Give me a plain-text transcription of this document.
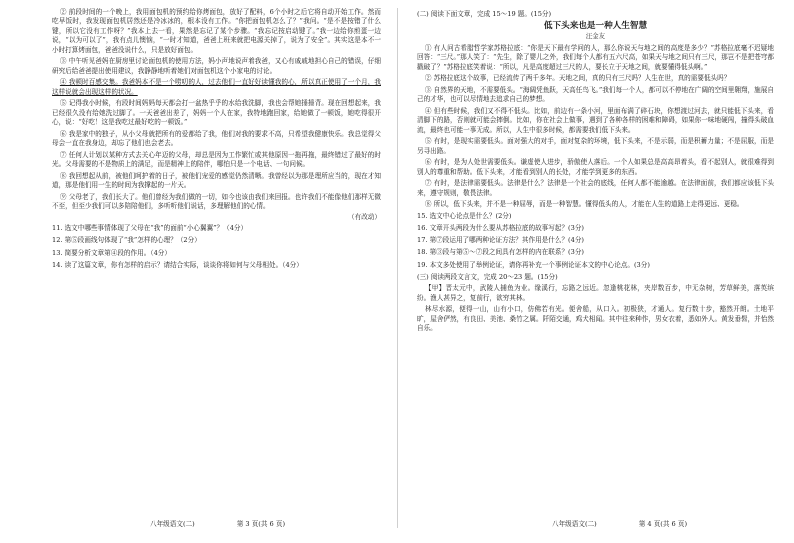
② 前段时间的一个晚上，我用面包机的预约给你烤面包，放好了配料，6个小时之后它将自动开始工作。然而吃早饭时，我发现面包机居然还是冷冰冰的，根本没有工作。“你把面包机怎么了？”我问。“是不是按错了什么键，所以它没有工作呀？”我本上去一看，果然是忘记了某个步骤。“我忘记按启动键了。”我一边给你煎蛋一边说，“以为可以了”，我有点儿懊恼，“一时才知道，爸爸上班来就把电源关掉了，说为了安全”。其实这是本不一小时打算烤面包，爸爸没说什么，只是放好面包。

③ 中午听见爸妈在厨房里讨论面包机的使用方法，妈小声地说声着我爸，又心有戚戚地担心自己的错误，仔细研究后给爸爸提出使用建议，我静静地听着她们对面包机这个小家电的讨论。

④ 我顿时百感交集。我爸妈本不是一个唠叨的人，过去他们一直好好读懂我的心，所以真正使用了一个月，我这样说就会出现这样的状况。

⑤ 记得我小时候，有段时间妈妈每天都会打一盆热乎乎的水给我洗脚，我也会帮她捶捶背。现在回想起来，我已经很久没有给她洗过脚了。一天爸爸出差了，妈妈一个人在家，我特地跑回家，给她做了一顿饭，她吃得很开心，说：“好吃！这是我吃过最好吃的一顿饭。”

⑥ 我是家中的独子，从小父母就把所有的爱都给了我，他们对我的要求不高，只希望我健康快乐。我总觉得父母会一直在我身边，却忘了他们也会老去。

⑦ 任何人计划以某种方式去关心年迈的父母，却总是因为工作繁忙或其他原因一拖再拖，最终错过了最好的时光。父母需要的不是物质上的满足，而是精神上的陪伴，哪怕只是一个电话、一句问候。

⑧ 我回想起从前，被他们呵护着的日子，被他们宠爱的感觉仍然清晰。我曾经以为那是理所应当的，现在才知道，那是他们用一生的时间为我撑起的一片天。

⑨ 父母老了，我们长大了。他们曾经为我们做的一切，如今也该由我们来回报。也许我们不能像他们那样无微不至，但至少我们可以多陪陪他们，多听听他们说话，多理解他们的心情。

（有改动）

11. 选文中哪些事情体现了父母在“我”的面前“小心翼翼”？（4分）

12. 第⑤段画线句体现了“我”怎样的心理？（2分）

13. 简要分析文章第④段的作用。（4分）

14. 读了这篇文章，你有怎样的启示？请结合实际，谈谈你将如何与父母相处。（4分）

八年级语文(二)	第 3 页(共 6 页)

(二) 阅读下面文章，完成 15～19 题。(15分)

低下头来也是一种人生智慧

汪金友

① 有人问古希腊哲学家苏格拉底：“你是天下最有学问的人，那么你说天与地之间的高度是多少？”苏格拉底毫不迟疑地回答：“三尺。”那人笑了：“先生，除了婴儿之外，我们每个人都有五六尺高，如果天与地之间只有三尺，那岂不是把苍穹都戳破了？”苏格拉底笑着说：“所以，凡是高度超过三尺的人，要长立于天地之间，就要懂得低头啊。”

② 苏格拉底这个故事，已经流传了两千多年。天地之间，真的只有三尺吗？人生在世，真的需要低头吗？

③ 自然界的天地，不需要低头。“海阔凭鱼跃，天高任鸟飞。”我们每一个人，都可以不停地在广阔的空间里翱翔，施展自己的才华，也可以尽情地去追求自己的梦想。

④ 但有些时候，我们又不得不低头。比如，前边有一条小河，里面布满了碎石块，你想渡过河去，就只能低下头来，看清脚下的路，否则就可能会摔倒。比如，你在社会上做事，遇到了各种各样的困难和障碍，如果你一味地硬闯，撞得头破血流，最终也可能一事无成。所以，人生中很多时候，都需要我们低下头来。

⑤ 有时，是现实需要低头。面对强大的对手，面对复杂的环境，低下头来，不是示弱，而是积蓄力量；不是屈服，而是另寻出路。

⑥ 有时，是为人处世需要低头。谦虚使人进步，骄傲使人落后。一个人如果总是高高昂着头，看不起别人，就很难得到别人的尊重和帮助。低下头来，才能看到别人的长处，才能学到更多的东西。

⑦ 有时，是法律需要低头。法律是什么？法律是一个社会的底线，任何人都不能逾越。在法律面前，我们都应该低下头来，遵守规则，敬畏法律。

⑧ 所以，低下头来，并不是一种屈辱，而是一种智慧。懂得低头的人，才能在人生的道路上走得更远、更稳。

15. 选文中心论点是什么？(2分)

16. 文章开头两段为什么要从苏格拉底的故事写起？(3分)

17. 第⑦段运用了哪两种论证方法？其作用是什么？(4分)

18. 第③段与第⑤～⑦段之间具有怎样的内在联系？(3分)

19. 本文多处使用了举例论证，请你再补充一个事例论证本文的中心论点。(3分)

(三) 阅读两段文言文，完成 20～23 题。(15分)

【甲】晋太元中，武陵人捕鱼为业。缘溪行，忘路之远近。忽逢桃花林，夹岸数百步，中无杂树，芳草鲜美，落英缤纷。渔人甚异之，复前行，欲穷其林。

林尽水源，便得一山，山有小口，仿佛若有光。便舍船，从口入。初极狭，才通人。复行数十步，豁然开朗。土地平旷，屋舍俨然，有良田、美池、桑竹之属。阡陌交通，鸡犬相闻。其中往来种作，男女衣着，悉如外人。黄发垂髫，并怡然自乐。

八年级语文(二)	第 4 页(共 6 页)
